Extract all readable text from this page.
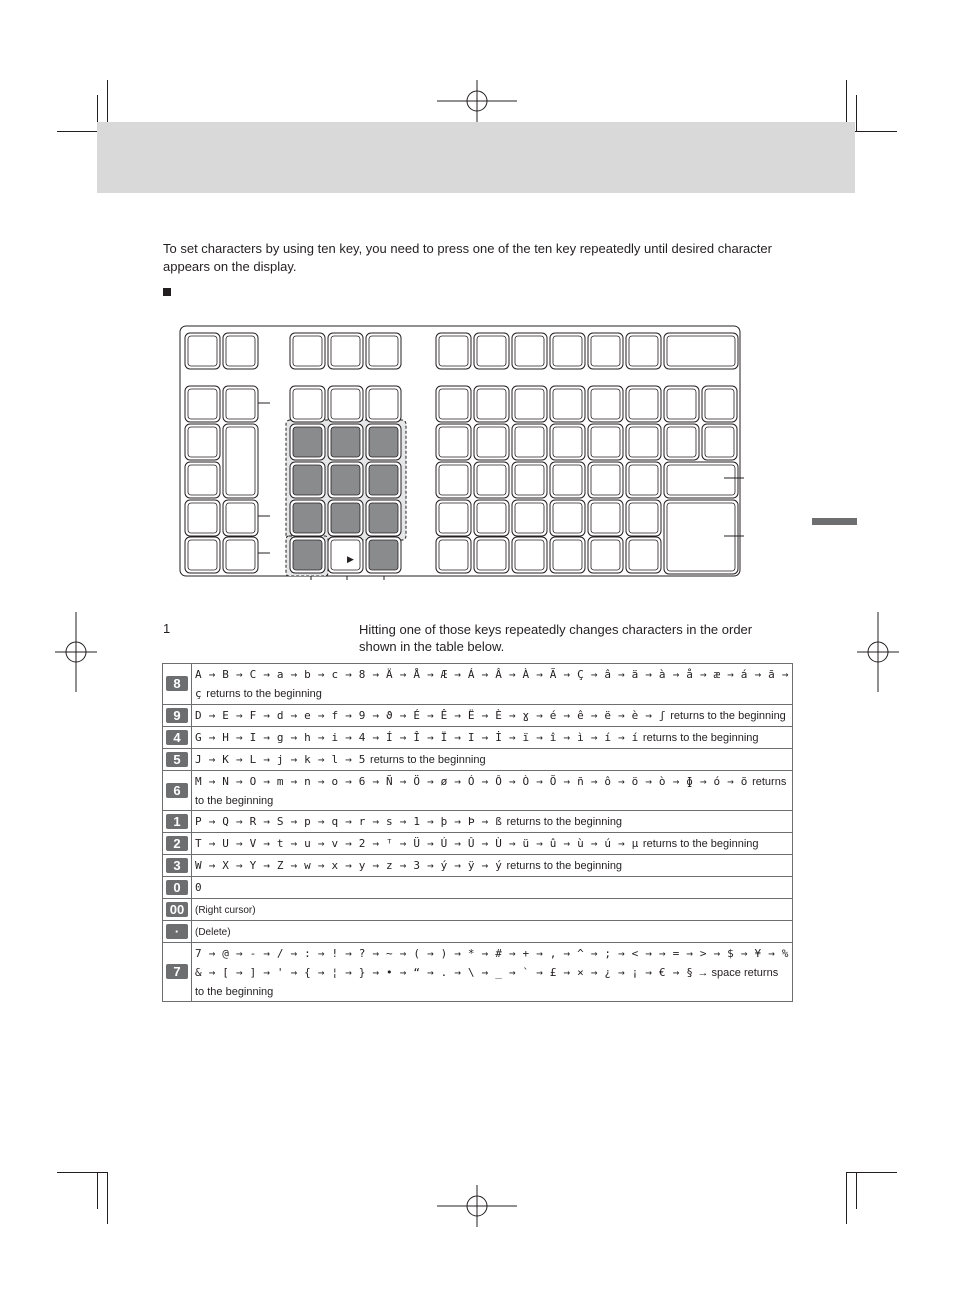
To set characters by using ten key, you need to press one of the ten key repeatedly until desired character appears on the display.
▶
1	Hitting one of those keys repeatedly changes characters in the order shown in the table below.
8	A → B → C → a → b → c → 8 → Ä → Å → Æ → Á → Â → À → Ã → Ç → â → ä → à → å → æ → á → ã → ç returns to the beginning
9	D → E → F → d → e → f → 9 → ϑ → É → Ê → Ë → È → ɣ → é → ê → ë → è → ʃ returns to the beginning
4	G → H → I → g → h → i → 4 → Í → Î → Ï → Ι → İ → ï → î → ì → í → í returns to the beginning
5	J → K → L → j → k → l → 5 returns to the beginning
6	M → N → O → m → n → o → 6 → Ñ → Ö → ø → Ó → Ô → Ò → Õ → ñ → ô → ö → ò → ɸ → ó → õ returns to the beginning
1	P → Q → R → S → p → q → r → s → 1 → þ → Þ → ß returns to the beginning
2	T → U → V → t → u → v → 2 → ᵀ → Ü → Ú → Û → Ù → ü → û → ù → ú → μ returns to the beginning
3	W → X → Y → Z → w → x → y → z → 3 → ý → ÿ → ý returns to the beginning
0	0
00	(Right cursor)
·	(Delete)
7	7 → @ → - → / → : → ! → ? → ~ → ( → ) → * → # → + → , → ^ → ; → < → → = → > → $ → ¥ → % & → [ → ] → ' → { → ¦ → } → • → “ → . → \ → _ → ` → £ → × → ¿ → ¡ → € → § → space returns to the beginning
